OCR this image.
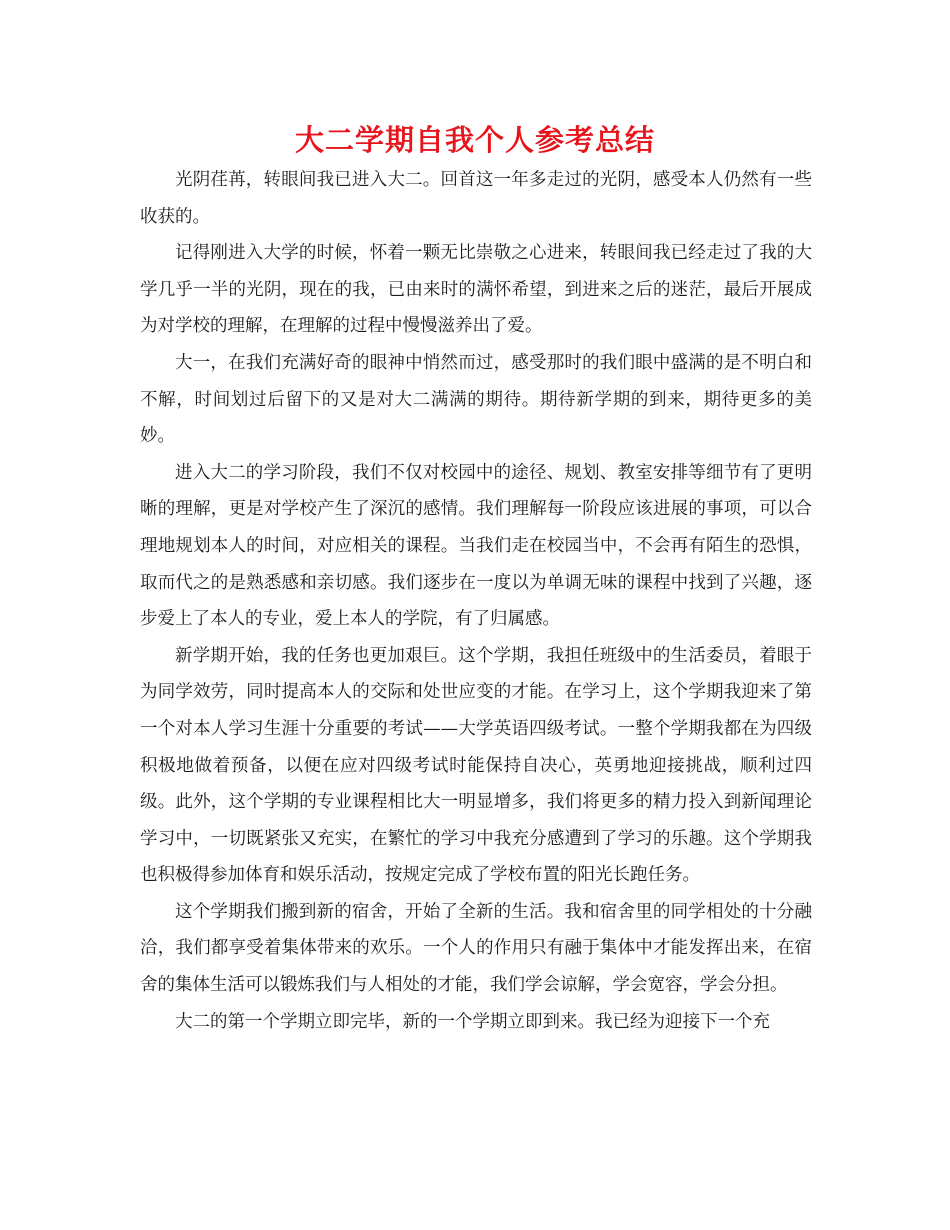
大二学期自我个人参考总结

光阴荏苒，转眼间我已进入大二。回首这一年多走过的光阴，感受本人仍然有一些收获的。

记得刚进入大学的时候，怀着一颗无比崇敬之心进来，转眼间我已经走过了我的大学几乎一半的光阴，现在的我，已由来时的满怀希望，到进来之后的迷茫，最后开展成为对学校的理解，在理解的过程中慢慢滋养出了爱。

大一，在我们充满好奇的眼神中悄然而过，感受那时的我们眼中盛满的是不明白和不解，时间划过后留下的又是对大二满满的期待。期待新学期的到来，期待更多的美妙。

进入大二的学习阶段，我们不仅对校园中的途径、规划、教室安排等细节有了更明晰的理解，更是对学校产生了深沉的感情。我们理解每一阶段应该进展的事项，可以合理地规划本人的时间，对应相关的课程。当我们走在校园当中，不会再有陌生的恐惧，取而代之的是熟悉感和亲切感。我们逐步在一度以为单调无味的课程中找到了兴趣，逐步爱上了本人的专业，爱上本人的学院，有了归属感。

新学期开始，我的任务也更加艰巨。这个学期，我担任班级中的生活委员，着眼于为同学效劳，同时提高本人的交际和处世应变的才能。在学习上，这个学期我迎来了第一个对本人学习生涯十分重要的考试——大学英语四级考试。一整个学期我都在为四级积极地做着预备，以便在应对四级考试时能保持自决心，英勇地迎接挑战，顺利过四级。此外，这个学期的专业课程相比大一明显增多，我们将更多的精力投入到新闻理论学习中，一切既紧张又充实，在繁忙的学习中我充分感遭到了学习的乐趣。这个学期我也积极得参加体育和娱乐活动，按规定完成了学校布置的阳光长跑任务。

这个学期我们搬到新的宿舍，开始了全新的生活。我和宿舍里的同学相处的十分融洽，我们都享受着集体带来的欢乐。一个人的作用只有融于集体中才能发挥出来，在宿舍的集体生活可以锻炼我们与人相处的才能，我们学会谅解，学会宽容，学会分担。

大二的第一个学期立即完毕，新的一个学期立即到来。我已经为迎接下一个充
